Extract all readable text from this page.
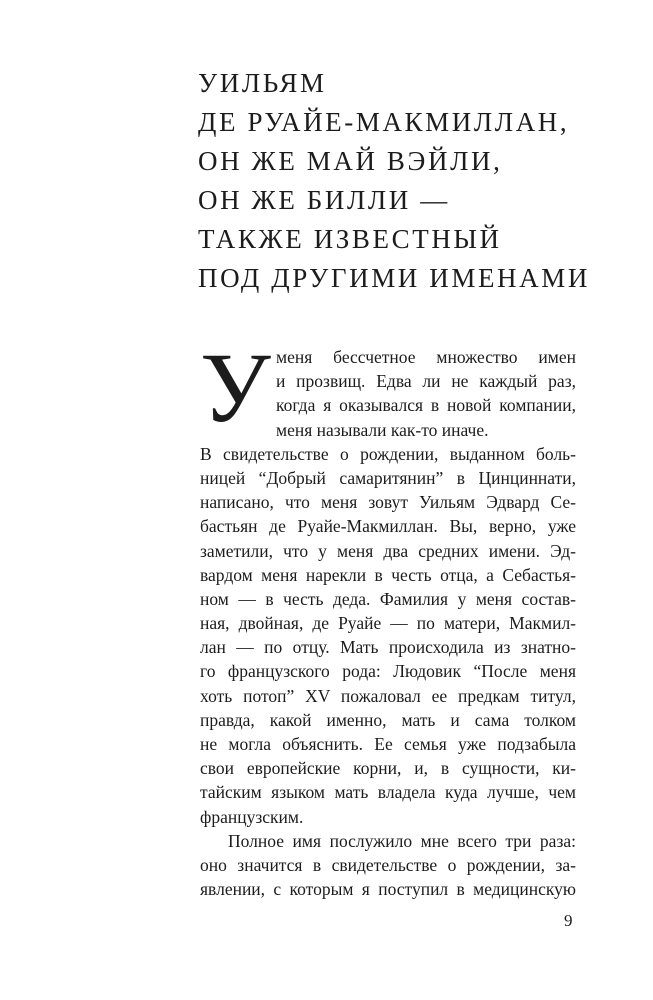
УИЛЬЯМ
ДЕ РУАЙЕ-МАКМИЛЛАН,
ОН ЖЕ МАЙ ВЭЙЛИ,
ОН ЖЕ БИЛЛИ —
ТАКЖЕ ИЗВЕСТНЫЙ
ПОД ДРУГИМИ ИМЕНАМИ
У меня бессчетное множество имен
и прозвищ. Едва ли не каждый раз,
когда я оказывался в новой компании,
меня называли как-то иначе.
В свидетельстве о рождении, выданном боль-
ницей “Добрый самаритянин” в Цинциннати,
написано, что меня зовут Уильям Эдвард Се-
бастьян де Руайе-Макмиллан. Вы, верно, уже
заметили, что у меня два средних имени. Эд-
вардом меня нарекли в честь отца, а Себастья-
ном — в честь деда. Фамилия у меня состав-
ная, двойная, де Руайе — по матери, Макмил-
лан — по отцу. Мать происходила из знатно-
го французского рода: Людовик “После меня
хоть потоп” XV пожаловал ее предкам титул,
правда, какой именно, мать и сама толком
не могла объяснить. Ее семья уже подзабыла
свои европейские корни, и, в сущности, ки-
тайским языком мать владела куда лучше, чем
французским.
Полное имя послужило мне всего три раза:
оно значится в свидетельстве о рождении, за-
явлении, с которым я поступил в медицинскую
9
